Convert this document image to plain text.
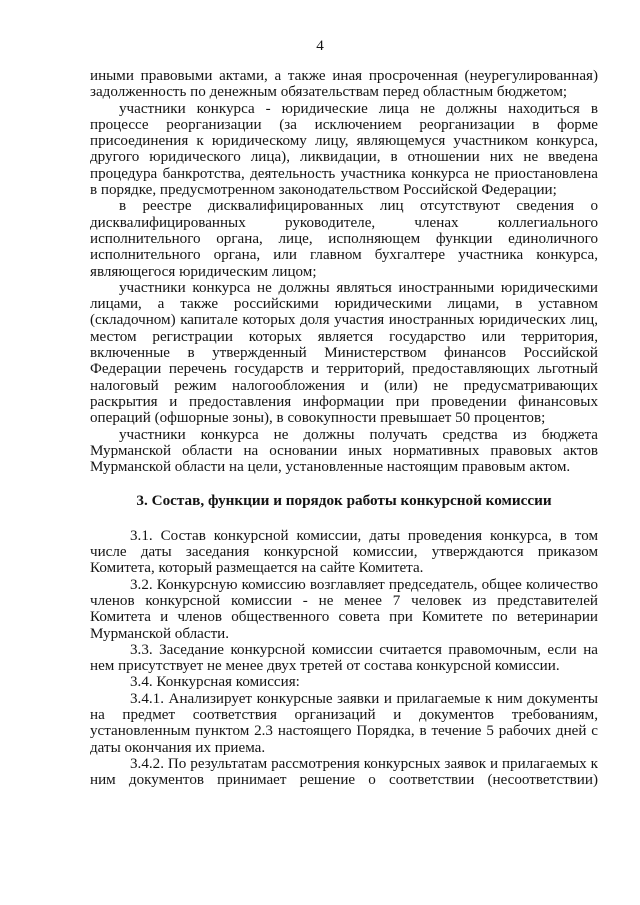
4

иными правовыми актами, а также иная просроченная (неурегулированная) задолженность по денежным обязательствам перед областным бюджетом;

участники конкурса - юридические лица не должны находиться в процессе реорганизации (за исключением реорганизации в форме присоединения к юридическому лицу, являющемуся участником конкурса, другого юридического лица), ликвидации, в отношении них не введена процедура банкротства, деятельность участника конкурса не приостановлена в порядке, предусмотренном законодательством Российской Федерации;

в реестре дисквалифицированных лиц отсутствуют сведения о дисквалифицированных руководителе, членах коллегиального исполнительного органа, лице, исполняющем функции единоличного исполнительного органа, или главном бухгалтере участника конкурса, являющегося юридическим лицом;

участники конкурса не должны являться иностранными юридическими лицами, а также российскими юридическими лицами, в уставном (складочном) капитале которых доля участия иностранных юридических лиц, местом регистрации которых является государство или территория, включенные в утвержденный Министерством финансов Российской Федерации перечень государств и территорий, предоставляющих льготный налоговый режим налогообложения и (или) не предусматривающих раскрытия и предоставления информации при проведении финансовых операций (офшорные зоны), в совокупности превышает 50 процентов;

участники конкурса не должны получать средства из бюджета Мурманской области на основании иных нормативных правовых актов Мурманской области на цели, установленные настоящим правовым актом.

3. Состав, функции и порядок работы конкурсной комиссии

3.1. Состав конкурсной комиссии, даты проведения конкурса, в том числе даты заседания конкурсной комиссии, утверждаются приказом Комитета, который размещается на сайте Комитета.

3.2. Конкурсную комиссию возглавляет председатель, общее количество членов конкурсной комиссии - не менее 7 человек из представителей Комитета и членов общественного совета при Комитете по ветеринарии Мурманской области.

3.3. Заседание конкурсной комиссии считается правомочным, если на нем присутствует не менее двух третей от состава конкурсной комиссии.

3.4. Конкурсная комиссия:

3.4.1. Анализирует конкурсные заявки и прилагаемые к ним документы на предмет соответствия организаций и документов требованиям, установленным пунктом 2.3 настоящего Порядка, в течение 5 рабочих дней с даты окончания их приема.

3.4.2. По результатам рассмотрения конкурсных заявок и прилагаемых к ним документов принимает решение о соответствии (несоответствии)
